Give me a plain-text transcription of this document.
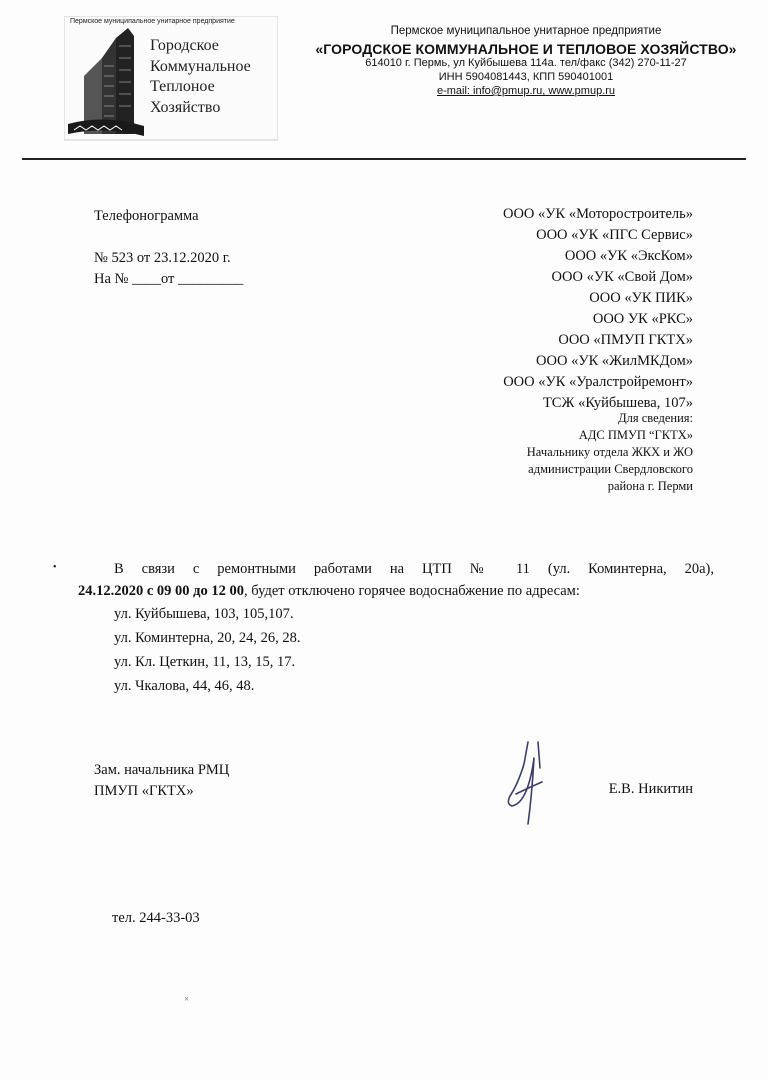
Пермское муниципальное унитарное предприятие
Городское
Коммунальное
Теплоное
Хозяйство
Пермское муниципальное унитарное предприятие
«ГОРОДСКОЕ КОММУНАЛЬНОЕ И ТЕПЛОВОЕ ХОЗЯЙСТВО»
614010 г. Пермь, ул Куйбышева 114а. тел/факс (342) 270-11-27
ИНН 5904081443, КПП 590401001
e-mail: info@pmup.ru, www.pmup.ru
Телефонограмма
№ 523 от 23.12.2020 г.
На № ____от _________
ООО «УК «Моторостроитель»
ООО «УК «ПГС Сервис»
ООО «УК «ЭксКом»
ООО «УК «Свой Дом»
ООО «УК ПИК»
ООО УК «РКС»
ООО «ПМУП ГКТХ»
ООО «УК «ЖилМКДом»
ООО «УК «Уралстройремонт»
ТСЖ «Куйбышева, 107»
Для сведения:
АДС ПМУП “ГКТХ»
Начальнику отдела ЖКХ и ЖО
администрации Свердловского
района г. Перми
•	В связи с ремонтными работами на ЦТП № 11 (ул. Коминтерна, 20а),
24.12.2020 с 09 00 до 12 00, будет отключено горячее водоснабжение по адресам:
ул. Куйбышева, 103, 105,107.
ул. Коминтерна, 20, 24, 26, 28.
ул. Кл. Цеткин, 11, 13, 15, 17.
ул. Чкалова, 44, 46, 48.
Зам. начальника РМЦ
ПМУП «ГКТХ»	Е.В. Никитин
тел. 244-33-03
×
